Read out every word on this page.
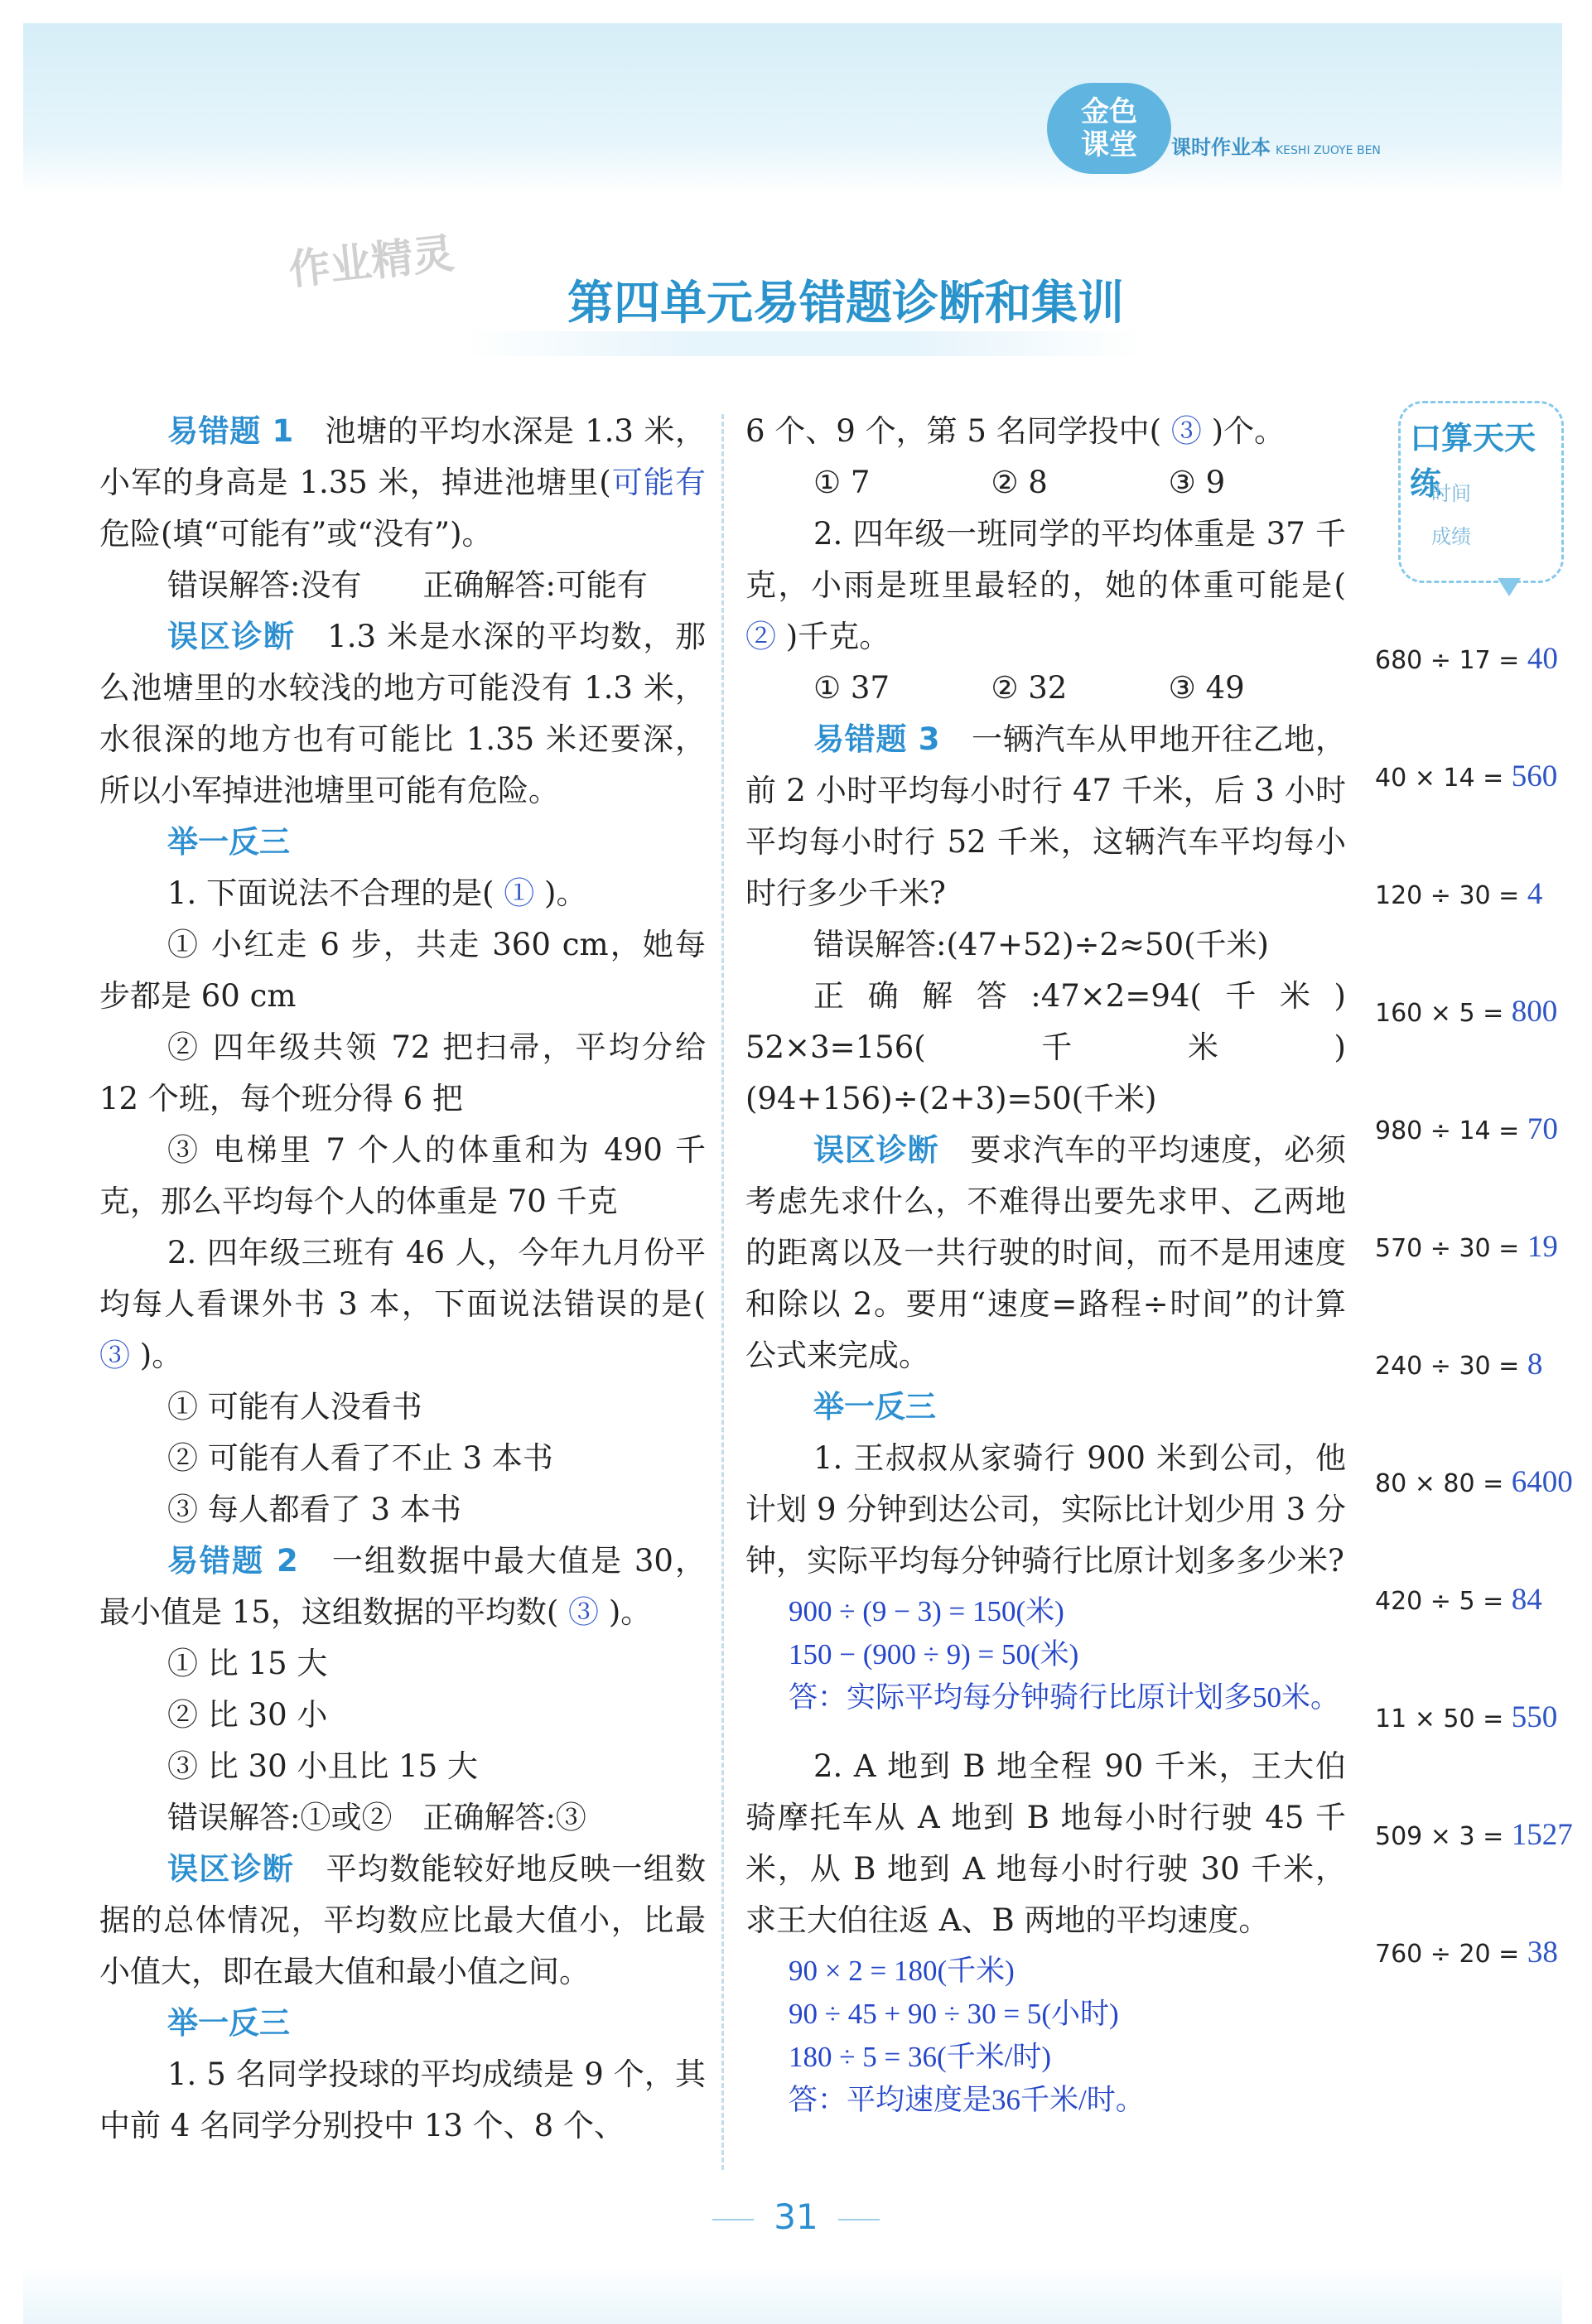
金色
课堂	课时作业本 KESHI ZUOYE BEN
作业精灵
第四单元易错题诊断和集训

易错题 1　 池塘的平均水深是 1.3 米，小军的身高是 1.35 米，掉进池塘里(可能有危险(填“可能有”或“没有”)。

错误解答:没有　　正确解答:可能有

误区诊断　 1.3 米是水深的平均数，那么池塘里的水较浅的地方可能没有 1.3 米，水很深的地方也有可能比 1.35 米还要深，所以小军掉进池塘里可能有危险。

举一反三

1. 下面说法不合理的是( ① )。

① 小红走 6 步，共走 360 cm，她每步都是 60 cm

② 四年级共领 72 把扫帚，平均分给 12 个班，每个班分得 6 把

③ 电梯里 7 个人的体重和为 490 千克，那么平均每个人的体重是 70 千克

2. 四年级三班有 46 人，今年九月份平均每人看课外书 3 本，下面说法错误的是( ③ )。

① 可能有人没看书

② 可能有人看了不止 3 本书

③ 每人都看了 3 本书

易错题 2　 一组数据中最大值是 30，最小值是 15，这组数据的平均数( ③ )。

① 比 15 大

② 比 30 小

③ 比 30 小且比 15 大

错误解答:①或②　正确解答:③

误区诊断　 平均数能较好地反映一组数据的总体情况，平均数应比最大值小，比最小值大，即在最大值和最小值之间。

举一反三

1. 5 名同学投球的平均成绩是 9 个，其中前 4 名同学分别投中 13 个、8 个、

6 个、9 个，第 5 名同学投中( ③ )个。

① 7	② 8	③ 9

2. 四年级一班同学的平均体重是 37 千克，小雨是班里最轻的，她的体重可能是( ② )千克。

① 37	② 32	③ 49

易错题 3　 一辆汽车从甲地开往乙地，前 2 小时平均每小时行 47 千米，后 3 小时平均每小时行 52 千米，这辆汽车平均每小时行多少千米?

错误解答:(47+52)÷2≈50(千米)

正确解答:47×2=94(千米)　52×3=156(千米)　(94+156)÷(2+3)=50(千米)

误区诊断　 要求汽车的平均速度，必须考虑先求什么，不难得出要先求甲、乙两地的距离以及一共行驶的时间，而不是用速度和除以 2。要用“速度=路程÷时间”的计算公式来完成。

举一反三

1. 王叔叔从家骑行 900 米到公司，他计划 9 分钟到达公司，实际比计划少用 3 分钟，实际平均每分钟骑行比原计划多多少米?

900 ÷ (9 − 3) = 150(米)
150 − (900 ÷ 9) = 50(米)
答：实际平均每分钟骑行比原计划多50米。

2. A 地到 B 地全程 90 千米，王大伯骑摩托车从 A 地到 B 地每小时行驶 45 千米，从 B 地到 A 地每小时行驶 30 千米，求王大伯往返 A、B 两地的平均速度。

90 × 2 = 180(千米)
90 ÷ 45 + 90 ÷ 30 = 5(小时)
180 ÷ 5 = 36(千米/时)
答：平均速度是36千米/时。
口算天天练
时间
成绩
680 ÷ 17 = 40
40 × 14 = 560
120 ÷ 30 = 4
160 × 5 = 800
980 ÷ 14 = 70
570 ÷ 30 = 19
240 ÷ 30 = 8
80 × 80 = 6400
420 ÷ 5 = 84
11 × 50 = 550
509 × 3 = 1527
760 ÷ 20 = 38
31
